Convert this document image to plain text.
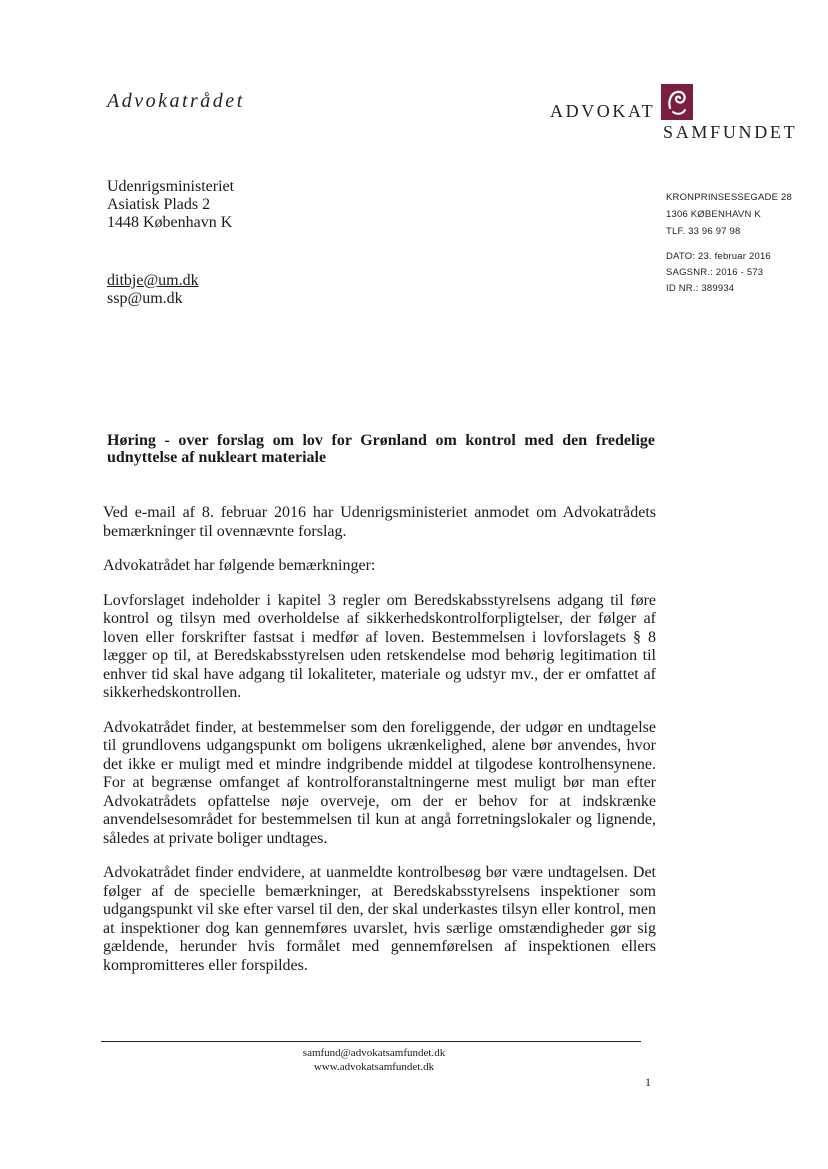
Advokatrådet	ADVOKAT
SAMFUNDET
Udenrigsministeriet
Asiatisk Plads 2
1448 København K
ditbje@um.dk
ssp@um.dk
KRONPRINSESSEGADE 28
1306 KØBENHAVN K
TLF. 33 96 97 98
DATO: 23. februar 2016
SAGSNR.: 2016 - 573
ID NR.: 389934
Høring - over forslag om lov for Grønland om kontrol med den fredelige udnyttelse af nukleart materiale

Ved e-mail af 8. februar 2016 har Udenrigsministeriet anmodet om Advokatrådets bemærkninger til ovennævnte forslag.

Advokatrådet har følgende bemærkninger:

Lovforslaget indeholder i kapitel 3 regler om Beredskabsstyrelsens adgang til føre kontrol og tilsyn med overholdelse af sikkerhedskontrolforpligtelser, der følger af loven eller forskrifter fastsat i medfør af loven. Bestemmelsen i lovforslagets § 8 lægger op til, at Beredskabsstyrelsen uden retskendelse mod behørig legitimation til enhver tid skal have adgang til lokaliteter, materiale og udstyr mv., der er omfattet af sikkerhedskontrollen.

Advokatrådet finder, at bestemmelser som den foreliggende, der udgør en undtagelse til grundlovens udgangspunkt om boligens ukrænkelighed, alene bør anvendes, hvor det ikke er muligt med et mindre indgribende middel at tilgodese kontrolhensynene. For at begrænse omfanget af kontrolforanstaltningerne mest muligt bør man efter Advokatrådets opfattelse nøje overveje, om der er behov for at indskrænke anvendelsesområdet for bestemmelsen til kun at angå forretningslokaler og lignende, således at private boliger undtages.

Advokatrådet finder endvidere, at uanmeldte kontrolbesøg bør være undtagelsen. Det følger af de specielle bemærkninger, at Beredskabsstyrelsens inspektioner som udgangspunkt vil ske efter varsel til den, der skal underkastes tilsyn eller kontrol, men at inspektioner dog kan gennemføres uvarslet, hvis særlige omstændigheder gør sig gældende, herunder hvis formålet med gennemførelsen af inspektionen ellers kompromitteres eller forspildes.

samfund@advokatsamfundet.dk
www.advokatsamfundet.dk
1
